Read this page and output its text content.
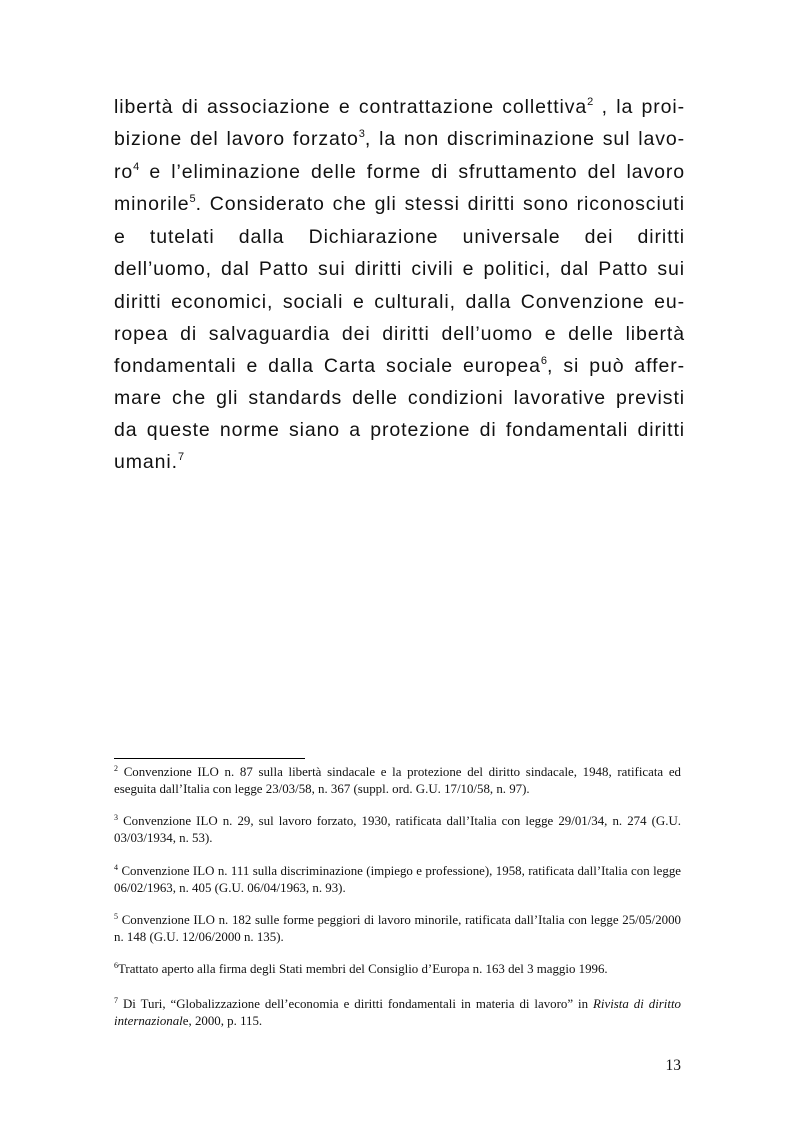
libertà di associazione e contrattazione collettiva$^2$ , la proi-
bizione del lavoro forzato$^3$, la non discriminazione sul lavo-
$ro^4$ e l’eliminazione delle forme di sfruttamento del lavoro
minorile$^5$. Considerato che gli stessi diritti sono riconosciuti
e tutelati dalla Dichiarazione universale dei diritti
dell’uomo, dal Patto sui diritti civili e politici, dal Patto sui
diritti economici, sociali e culturali, dalla Convenzione eu-
ropea di salvaguardia dei diritti dell’uomo e delle libertà
fondamentali e dalla Carta sociale europea$^6$, si può affer-
mare che gli standards delle condizioni lavorative previsti
da queste norme siano a protezione di fondamentali diritti
umani.$^7$
$^2$ Convenzione ILO n. 87 sulla libertà sindacale e la protezione del diritto sindacale, 1948, ratificata ed eseguita dall’Italia con legge 23/03/58, n. 367 (suppl. ord. G.U. 17/10/58, n. 97).
$^3$ Convenzione ILO n. 29, sul lavoro forzato, 1930, ratificata dall’Italia con legge 29/01/34, n. 274 (G.U. 03/03/1934, n. 53).
$^4$ Convenzione ILO n. 111 sulla discriminazione (impiego e professione), 1958, ratificata dall’Italia con legge 06/02/1963, n. 405 (G.U. 06/04/1963, n. 93).
$^5$ Convenzione ILO n. 182 sulle forme peggiori di lavoro minorile, ratificata dall’Italia con legge 25/05/2000 n. 148 (G.U. 12/06/2000 n. 135).
$^6$Trattato aperto alla firma degli Stati membri del Consiglio d’Europa n. 163 del 3 maggio 1996.
$^7$ Di Turi, “Globalizzazione dell’economia e diritti fondamentali in materia di lavoro” in Rivista di diritto internazionale, 2000, p. 115.
13
